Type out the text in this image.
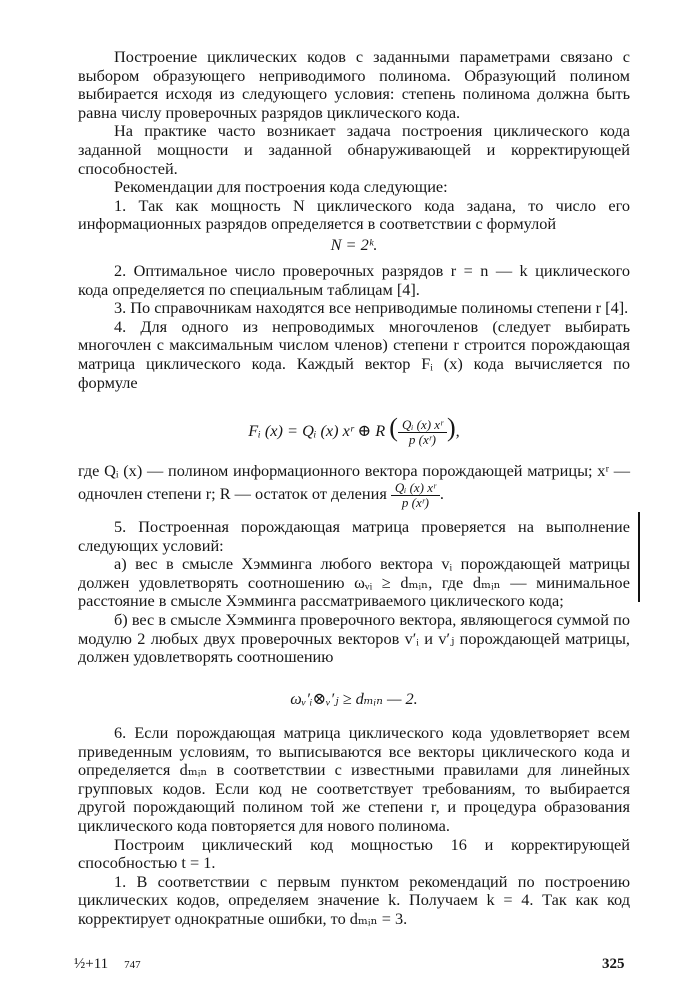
Построение циклических кодов с заданными параметрами связано с выбором образующего неприводимого полинома. Образующий полином выбирается исходя из следующего условия: степень полинома должна быть равна числу проверочных разрядов циклического кода.

На практике часто возникает задача построения циклического кода заданной мощности и заданной обнаруживающей и корректирующей способностей.

Рекомендации для построения кода следующие:

1. Так как мощность N циклического кода задана, то число его информационных разрядов определяется в соответствии с формулой

N = 2ᵏ.

2. Оптимальное число проверочных разрядов r = n — k циклического кода определяется по специальным таблицам [4].

3. По справочникам находятся все неприводимые полиномы степени r [4].

4. Для одного из непроводимых многочленов (следует выбирать многочлен с максимальным числом членов) степени r строится порождающая матрица циклического кода. Каждый вектор Fᵢ (x) кода вычисляется по формуле

Fᵢ (x) = Qᵢ (x) xʳ ⊕ R ( $\frac{\text{Qᵢ (x) xʳ}}{\text{p (xʳ)}}$ ),

где Qᵢ (x) — полином информационного вектора порождающей матрицы; xʳ — одночлен степени r; R — остаток от деления $\frac{\text{Qᵢ (x) xʳ}}{\text{p (xʳ)}}$ .

5. Построенная порождающая матрица проверяется на выполнение следующих условий:

а) вес в смысле Хэмминга любого вектора vᵢ порождающей матрицы должен удовлетворять соотношению ωᵥᵢ ≥ dₘᵢₙ, где dₘᵢₙ — минимальное расстояние в смысле Хэмминга рассматриваемого циклического кода;

б) вес в смысле Хэмминга проверочного вектора, являющегося суммой по модулю 2 любых двух проверочных векторов v′ᵢ и v′ⱼ порождающей матрицы, должен удовлетворять соотношению

ωᵥ′ᵢ⊗ᵥ′ⱼ ≥ dₘᵢₙ — 2.

6. Если порождающая матрица циклического кода удовлетворяет всем приведенным условиям, то выписываются все векторы циклического кода и определяется dₘᵢₙ в соответствии с известными правилами для линейных групповых кодов. Если код не соответствует требованиям, то выбирается другой порождающий полином той же степени r, и процедура образования циклического кода повторяется для нового полинома.

Построим циклический код мощностью 16 и корректирующей способностью t = 1.

1. В соответствии с первым пунктом рекомендаций по построению циклических кодов, определяем значение k. Получаем k = 4. Так как код корректирует однократные ошибки, то dₘᵢₙ = 3.

½+11 747	325
